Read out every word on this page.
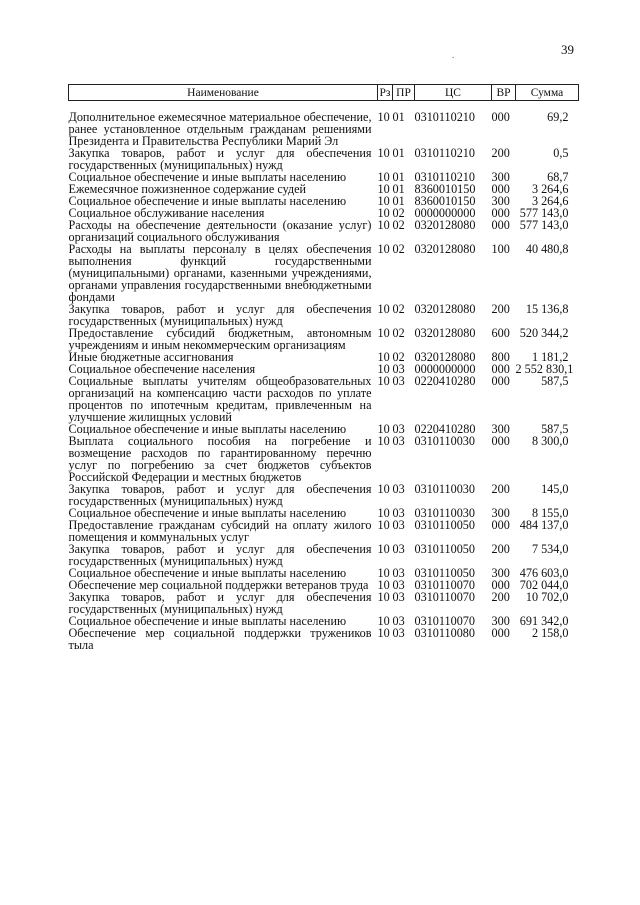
.	39
Наименование	Рз	ПР	ЦС	ВР	Сумма
Дополнительное ежемесячное материальное обеспечение, ранее установленное отдельным гражданам решениями Президента и Правительства Республики Марий Эл	10	01	0310110210	000	69,2
Закупка товаров, работ и услуг для обеспечения государственных (муниципальных) нужд	10	01	0310110210	200	0,5
Социальное обеспечение и иные выплаты населению	10	01	0310110210	300	68,7
Ежемесячное пожизненное содержание судей	10	01	8360010150	000	3 264,6
Социальное обеспечение и иные выплаты населению	10	01	8360010150	300	3 264,6
Социальное обслуживание населения	10	02	0000000000	000	577 143,0
Расходы на обеспечение деятельности (оказание услуг) организаций социального обслуживания	10	02	0320128080	000	577 143,0
Расходы на выплаты персоналу в целях обеспечения выполнения функций государственными (муниципальными) органами, казенными учреждениями, органами управления государственными внебюджетными фондами	10	02	0320128080	100	40 480,8
Закупка товаров, работ и услуг для обеспечения государственных (муниципальных) нужд	10	02	0320128080	200	15 136,8
Предоставление субсидий бюджетным, автономным учреждениям и иным некоммерческим организациям	10	02	0320128080	600	520 344,2
Иные бюджетные ассигнования	10	02	0320128080	800	1 181,2
Социальное обеспечение населения	10	03	0000000000	000	2 552 830,1
Социальные выплаты учителям общеобразовательных организаций на компенсацию части расходов по уплате процентов по ипотечным кредитам, привлеченным на улучшение жилищных условий	10	03	0220410280	000	587,5
Социальное обеспечение и иные выплаты населению	10	03	0220410280	300	587,5
Выплата социального пособия на погребение и возмещение расходов по гарантированному перечню услуг по погребению за счет бюджетов субъектов Российской Федерации и местных бюджетов	10	03	0310110030	000	8 300,0
Закупка товаров, работ и услуг для обеспечения государственных (муниципальных) нужд	10	03	0310110030	200	145,0
Социальное обеспечение и иные выплаты населению	10	03	0310110030	300	8 155,0
Предоставление гражданам субсидий на оплату жилого помещения и коммунальных услуг	10	03	0310110050	000	484 137,0
Закупка товаров, работ и услуг для обеспечения государственных (муниципальных) нужд	10	03	0310110050	200	7 534,0
Социальное обеспечение и иные выплаты населению	10	03	0310110050	300	476 603,0
Обеспечение мер социальной поддержки ветеранов труда	10	03	0310110070	000	702 044,0
Закупка товаров, работ и услуг для обеспечения государственных (муниципальных) нужд	10	03	0310110070	200	10 702,0
Социальное обеспечение и иные выплаты населению	10	03	0310110070	300	691 342,0
Обеспечение мер социальной поддержки тружеников тыла	10	03	0310110080	000	2 158,0
